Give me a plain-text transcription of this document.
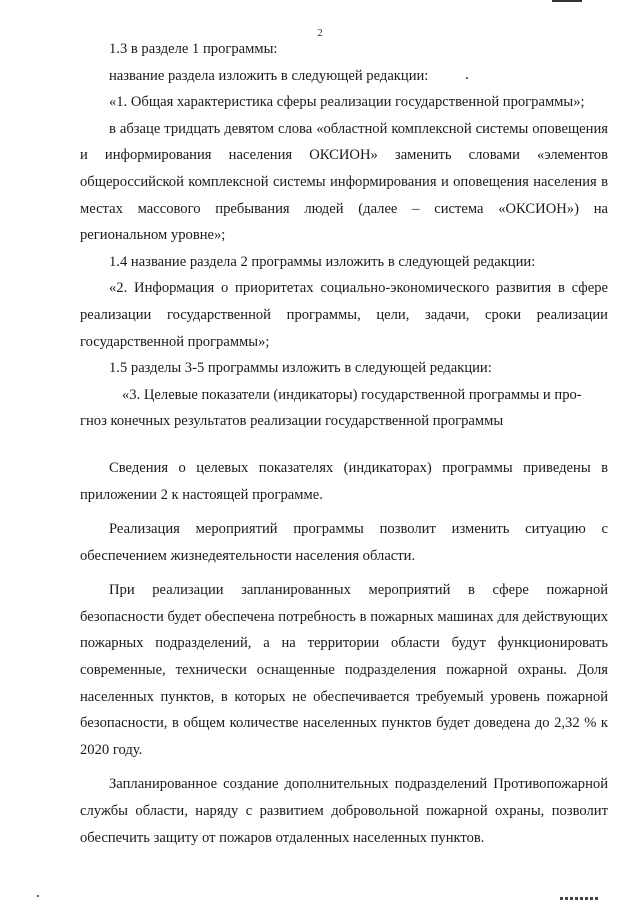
2

1.3 в разделе 1 программы:

название раздела изложить в следующей редакции:

«1. Общая характеристика сферы реализации государственной программы»;

в абзаце тридцать девятом слова «областной комплексной системы оповещения и информирования населения ОКСИОН» заменить словами «элементов общероссийской комплексной системы информирования и оповещения населения в местах массового пребывания людей (далее – система «ОКСИОН») на региональном уровне»;

1.4 название раздела 2 программы изложить в следующей редакции:

«2. Информация о приоритетах социально-экономического развития в сфере реализации государственной программы, цели, задачи, сроки реализации государственной программы»;

1.5 разделы 3-5 программы изложить в следующей редакции:

«3. Целевые показатели (индикаторы) государственной программы и про-

гноз конечных результатов реализации государственной программы

Сведения о целевых показателях (индикаторах) программы приведены в приложении 2 к настоящей программе.

Реализация мероприятий программы позволит изменить ситуацию с обеспечением жизнедеятельности населения области.

При реализации запланированных мероприятий в сфере пожарной безопасности будет обеспечена потребность в пожарных машинах для действующих пожарных подразделений, а на территории области будут функционировать современные, технически оснащенные подразделения пожарной охраны. Доля населенных пунктов, в которых не обеспечивается требуемый уровень пожарной безопасности, в общем количестве населенных пунктов будет доведена до 2,32 % к 2020 году.

Запланированное создание дополнительных подразделений Противопожарной службы области, наряду с развитием добровольной пожарной охраны, позволит обеспечить защиту от пожаров отдаленных населенных пунктов.
